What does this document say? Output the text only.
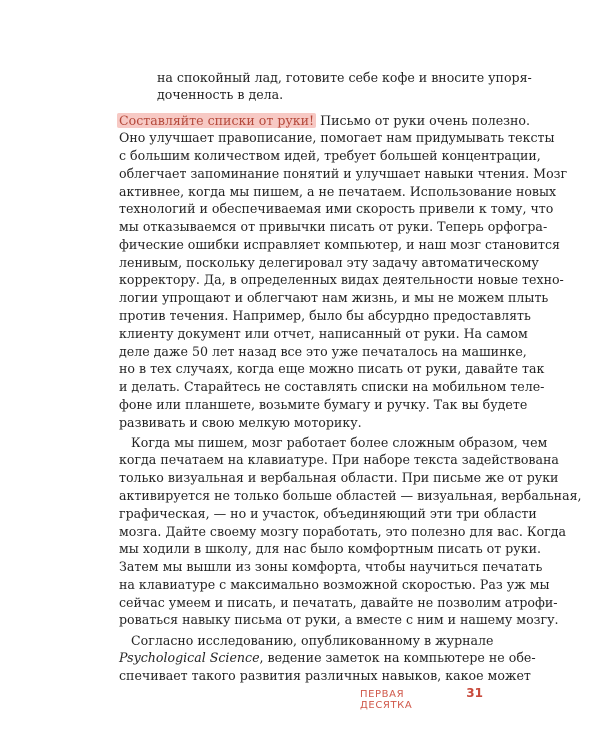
на спокойный лад, готовите себе кофе и вносите упоря-
доченность в дела.
Составляйте списки от руки! Письмо от руки очень полезно.
Оно улучшает правописание, помогает нам придумывать тексты
с большим количеством идей, требует большей концентрации,
облегчает запоминание понятий и улучшает навыки чтения. Мозг
активнее, когда мы пишем, а не печатаем. Использование новых
технологий и обеспечиваемая ими скорость привели к тому, что
мы отказываемся от привычки писать от руки. Теперь орфогра-
фические ошибки исправляет компьютер, и наш мозг становится
ленивым, поскольку делегировал эту задачу автоматическому
корректору. Да, в определенных видах деятельности новые техно-
логии упрощают и облегчают нам жизнь, и мы не можем плыть
против течения. Например, было бы абсурдно предоставлять
клиенту документ или отчет, написанный от руки. На самом
деле даже 50 лет назад все это уже печаталось на машинке,
но в тех случаях, когда еще можно писать от руки, давайте так
и делать. Старайтесь не составлять списки на мобильном теле-
фоне или планшете, возьмите бумагу и ручку. Так вы будете
развивать и свою мелкую моторику.
Когда мы пишем, мозг работает более сложным образом, чем
когда печатаем на клавиатуре. При наборе текста задействована
только визуальная и вербальная области. При письме же от руки
активируется не только больше областей — визуальная, вербальная,
графическая, — но и участок, объединяющий эти три области
мозга. Дайте своему мозгу поработать, это полезно для вас. Когда
мы ходили в школу, для нас было комфортным писать от руки.
Затем мы вышли из зоны комфорта, чтобы научиться печатать
на клавиатуре с максимально возможной скоростью. Раз уж мы
сейчас умеем и писать, и печатать, давайте не позволим атрофи-
роваться навыку письма от руки, а вместе с ним и нашему мозгу.
Согласно исследованию, опубликованному в журнале
Psychological Science, ведение заметок на компьютере не обе-
спечивает такого развития различных навыков, какое может
ПЕРВАЯ ДЕСЯТКА
31
